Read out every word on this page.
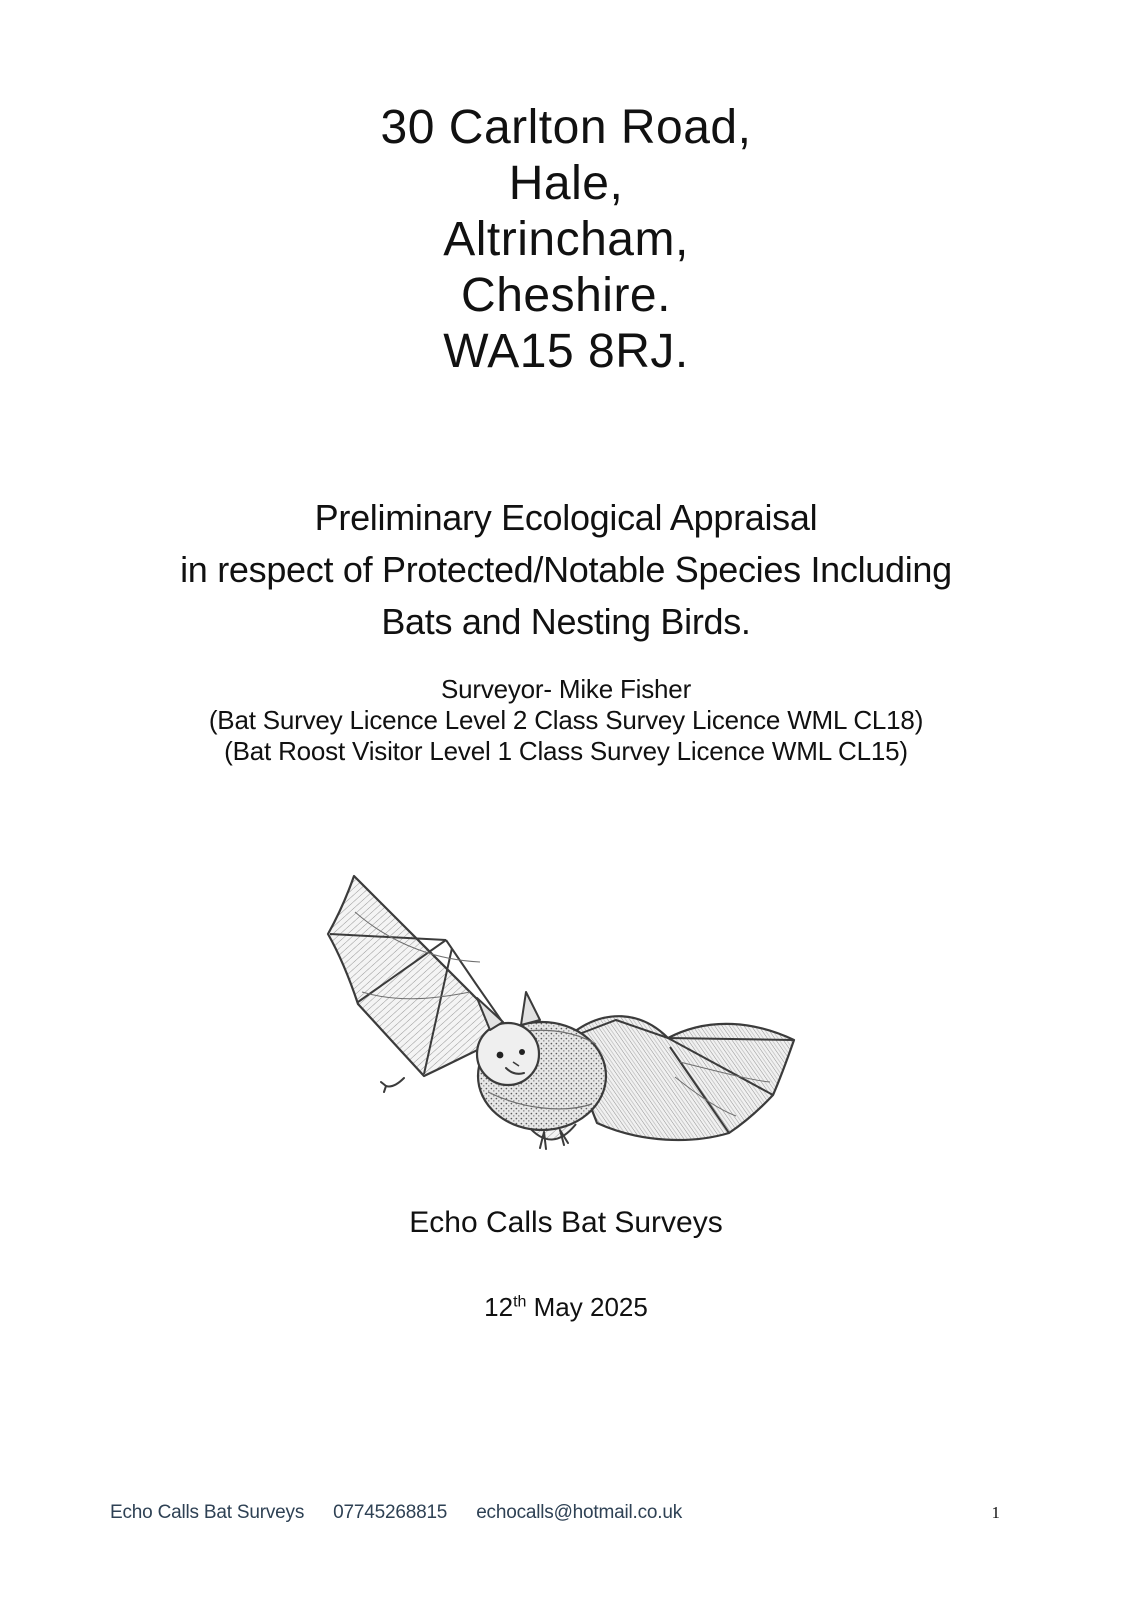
30 Carlton Road,
Hale,
Altrincham,
Cheshire.
WA15 8RJ.
Preliminary Ecological Appraisal
in respect of Protected/Notable Species Including
Bats and Nesting Birds.
Surveyor- Mike Fisher
(Bat Survey Licence Level 2 Class Survey Licence WML CL18)
(Bat Roost Visitor Level 1 Class Survey Licence WML CL15)
Echo Calls Bat Surveys
12th May 2025
Echo Calls Bat Surveys 07745268815 echocalls@hotmail.co.uk	1
